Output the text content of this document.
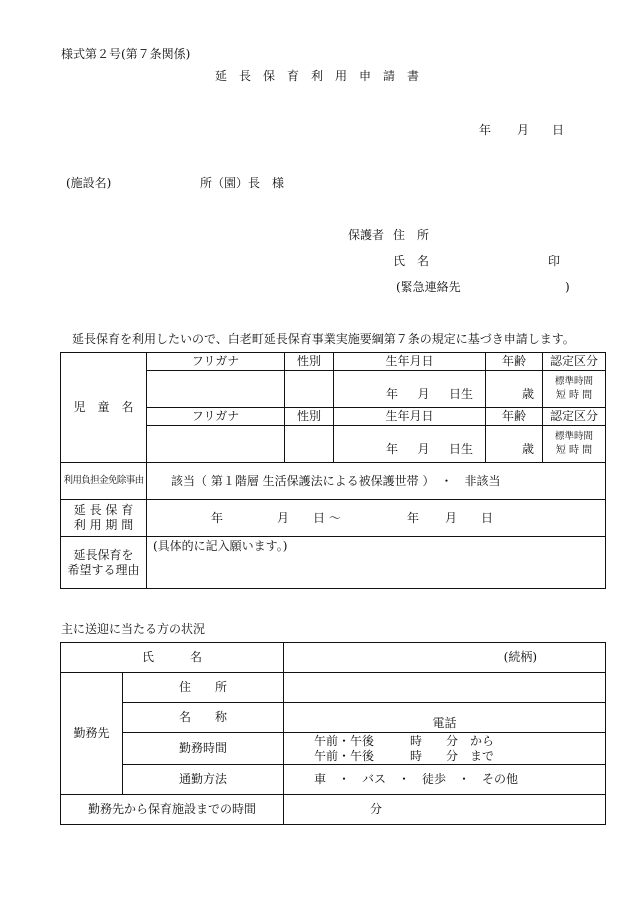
様式第２号(第７条関係)
延　長　保　育　利　用　申　請　書
年 月 日
(施設名)	所（園）長　様
保護者 住　所
氏　名	印
(緊急連絡先	)
延長保育を利用したいので、白老町延長保育事業実施要綱第７条の規定に基づき申請します。
児　童　名	フリガナ	性別	生年月日	年齢	認定区分

			年 月 日生	歳	標準時間
短 時 間

	フリガナ	性別	生年月日	年齢	認定区分

			年 月 日生	歳	標準時間
短 時 間

利用負担金免除事由	該当（ 第１階層 生活保護法による被保護世帯 ）　・　非該当				

延 長 保 育
利 用 期 間	年 月 日 〜 年 月 日				

延長保育を
希望する理由	(具体的に記入願います。)				
主に送迎に当たる方の状況
氏　　　名		(続柄)
勤務先	住　　所	
	名　　称	電話
	勤務時間	午前・午後　　　時　　分　から
午前・午後　　　時　　分　まで

	通勤方法	車　・　バス　・　徒歩　・　その他
勤務先から保育施設までの時間		分
